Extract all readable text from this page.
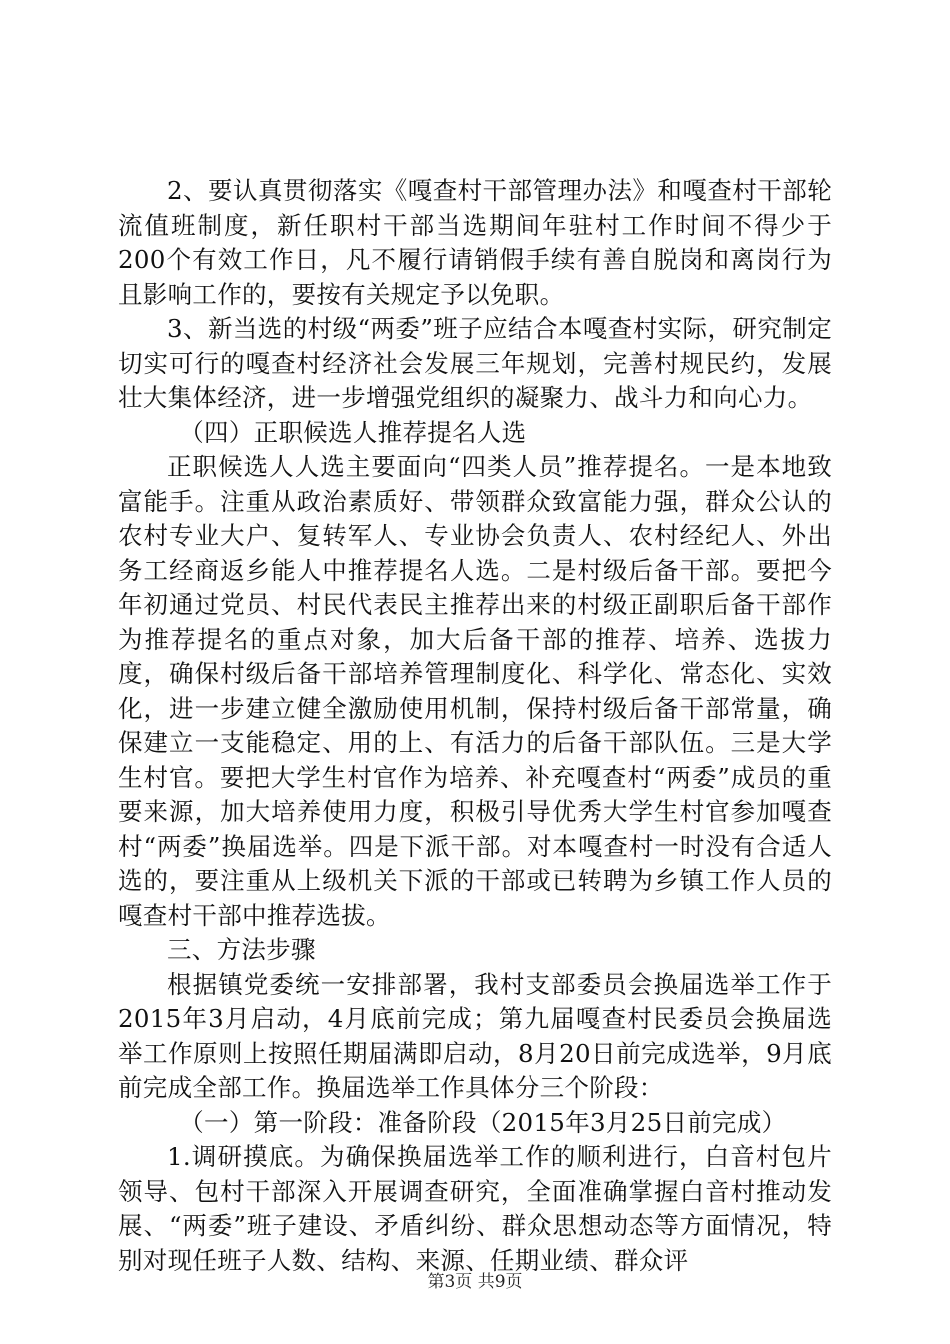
2、要认真贯彻落实《嘎查村干部管理办法》和嘎查村干部轮流值班制度，新任职村干部当选期间年驻村工作时间不得少于200个有效工作日，凡不履行请销假手续有善自脱岗和离岗行为且影响工作的，要按有关规定予以免职。

3、新当选的村级“两委”班子应结合本嘎查村实际，研究制定切实可行的嘎查村经济社会发展三年规划，完善村规民约，发展壮大集体经济，进一步增强党组织的凝聚力、战斗力和向心力。

（四）正职候选人推荐提名人选

正职候选人人选主要面向“四类人员”推荐提名。一是本地致富能手。注重从政治素质好、带领群众致富能力强，群众公认的农村专业大户、复转军人、专业协会负责人、农村经纪人、外出务工经商返乡能人中推荐提名人选。二是村级后备干部。要把今年初通过党员、村民代表民主推荐出来的村级正副职后备干部作为推荐提名的重点对象，加大后备干部的推荐、培养、选拔力度，确保村级后备干部培养管理制度化、科学化、常态化、实效化，进一步建立健全激励使用机制，保持村级后备干部常量，确保建立一支能稳定、用的上、有活力的后备干部队伍。三是大学生村官。要把大学生村官作为培养、补充嘎查村“两委”成员的重要来源，加大培养使用力度，积极引导优秀大学生村官参加嘎查村“两委”换届选举。四是下派干部。对本嘎查村一时没有合适人选的，要注重从上级机关下派的干部或已转聘为乡镇工作人员的嘎查村干部中推荐选拔。

三、方法步骤

根据镇党委统一安排部署，我村支部委员会换届选举工作于2015年3月启动，4月底前完成；第九届嘎查村民委员会换届选举工作原则上按照任期届满即启动，8月20日前完成选举，9月底前完成全部工作。换届选举工作具体分三个阶段：

（一）第一阶段：准备阶段（2015年3月25日前完成）

1.调研摸底。为确保换届选举工作的顺利进行，白音村包片领导、包村干部深入开展调查研究，全面准确掌握白音村推动发展、“两委”班子建设、矛盾纠纷、群众思想动态等方面情况，特别对现任班子人数、结构、来源、任期业绩、群众评

第3页 共9页
